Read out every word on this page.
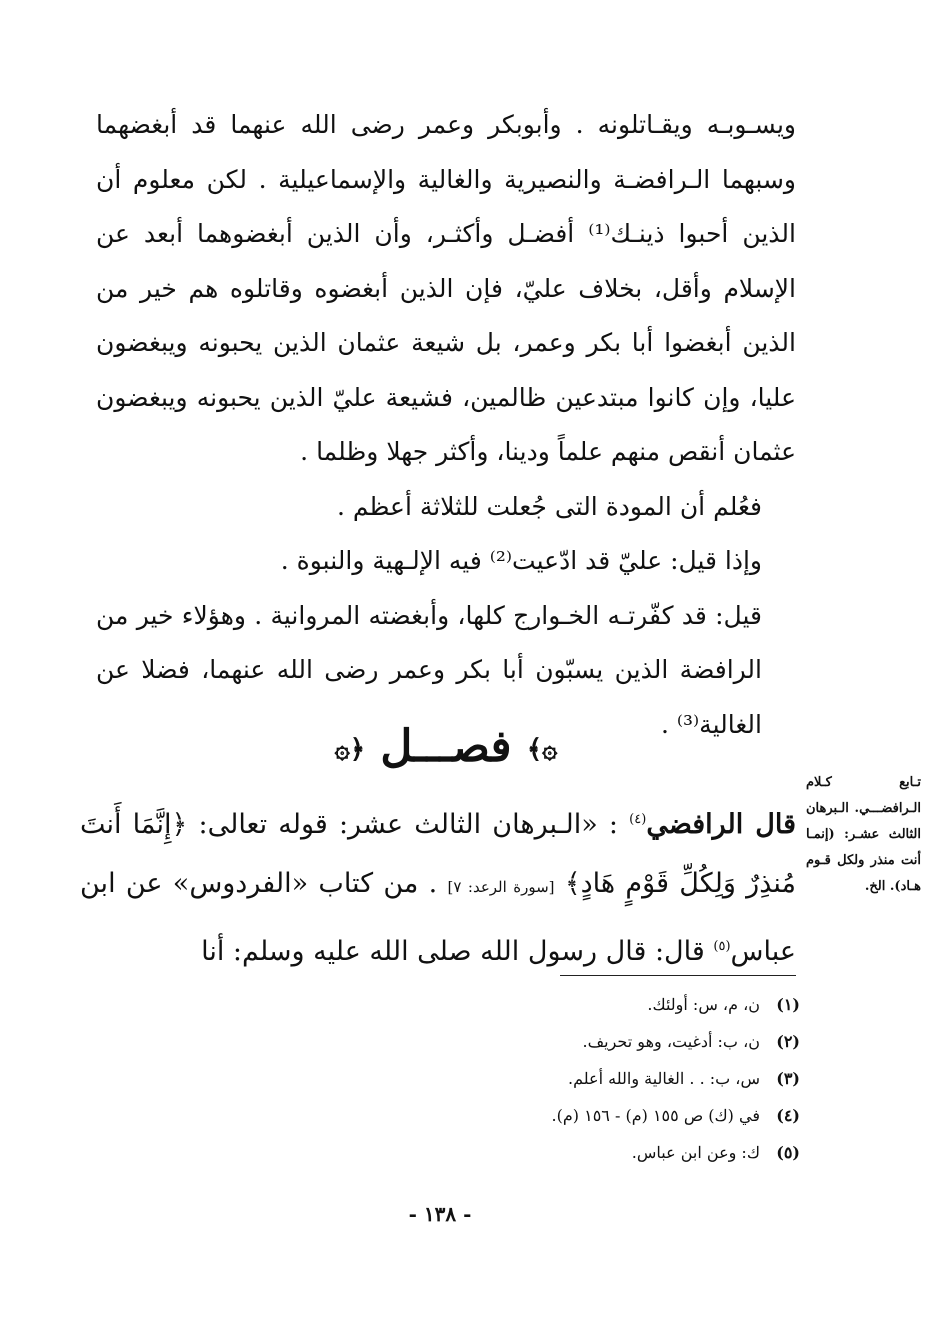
ويسـوبـه ويقـاتلونه . وأبوبكر وعمر رضى الله عنهما قد أبغضهما وسبهما الـرافضـة والنصيرية والغالية والإسماعيلية . لكن معلوم أن الذين أحبوا ذينـك⁽¹⁾ أفضـل وأكثـر، وأن الذين أبغضوهما أبعد عن الإسلام وأقل، بخلاف عليّ، فإن الذين أبغضوه وقاتلوه هم خير من الذين أبغضوا أبا بكر وعمر، بل شيعة عثمان الذين يحبونه ويبغضون عليا، وإن كانوا مبتدعين ظالمين، فشيعة عليّ الذين يحبونه ويبغضون عثمان أنقص منهم علماً ودينا، وأكثر جهلا وظلما .

فعُلم أن المودة التى جُعلت للثلاثة أعظم .

وإذا قيل: عليّ قد ادّعيت⁽²⁾ فيه الإلـهية والنبوة .

قيل: قد كفّرتـه الخـوارج كلها، وأبغضته المروانية . وهؤلاء خير من الرافضة الذين يسبّون أبا بكر وعمر رضى الله عنهما، فضلا عن الغالية⁽³⁾ .

۞﴾ فصـــل ﴿۞

قال الرافضي$^{(٤)}$ : «الـبرهان الثالث عشر: قوله تعالى: ﴿إِنَّمَا أَنتَ مُنذِرٌ وَلِكُلِّ قَوْمٍ هَادٍ﴾ [سورة الرعد: ٧] . من كتاب «الفردوس» عن ابن عباس$^{(٥)}$ قال: قال رسول الله صلى الله عليه وسلم: أنا

تـابع كـلام الـرافضـــي. الـبرهان الثالث عشـر: (إنمـا أنت منذر ولكل قـوم هـاد). الخ.
(١)
ن، م، س: أولئك.
(٢)
ن، ب: أدغيت، وهو تحريف.
(٣)
س، ب: . . الغالية والله أعلم.
(٤)
في (ك) ص ١٥٥ (م) - ١٥٦ (م).
(٥)
ك: وعن ابن عباس.
- ١٣٨ -
